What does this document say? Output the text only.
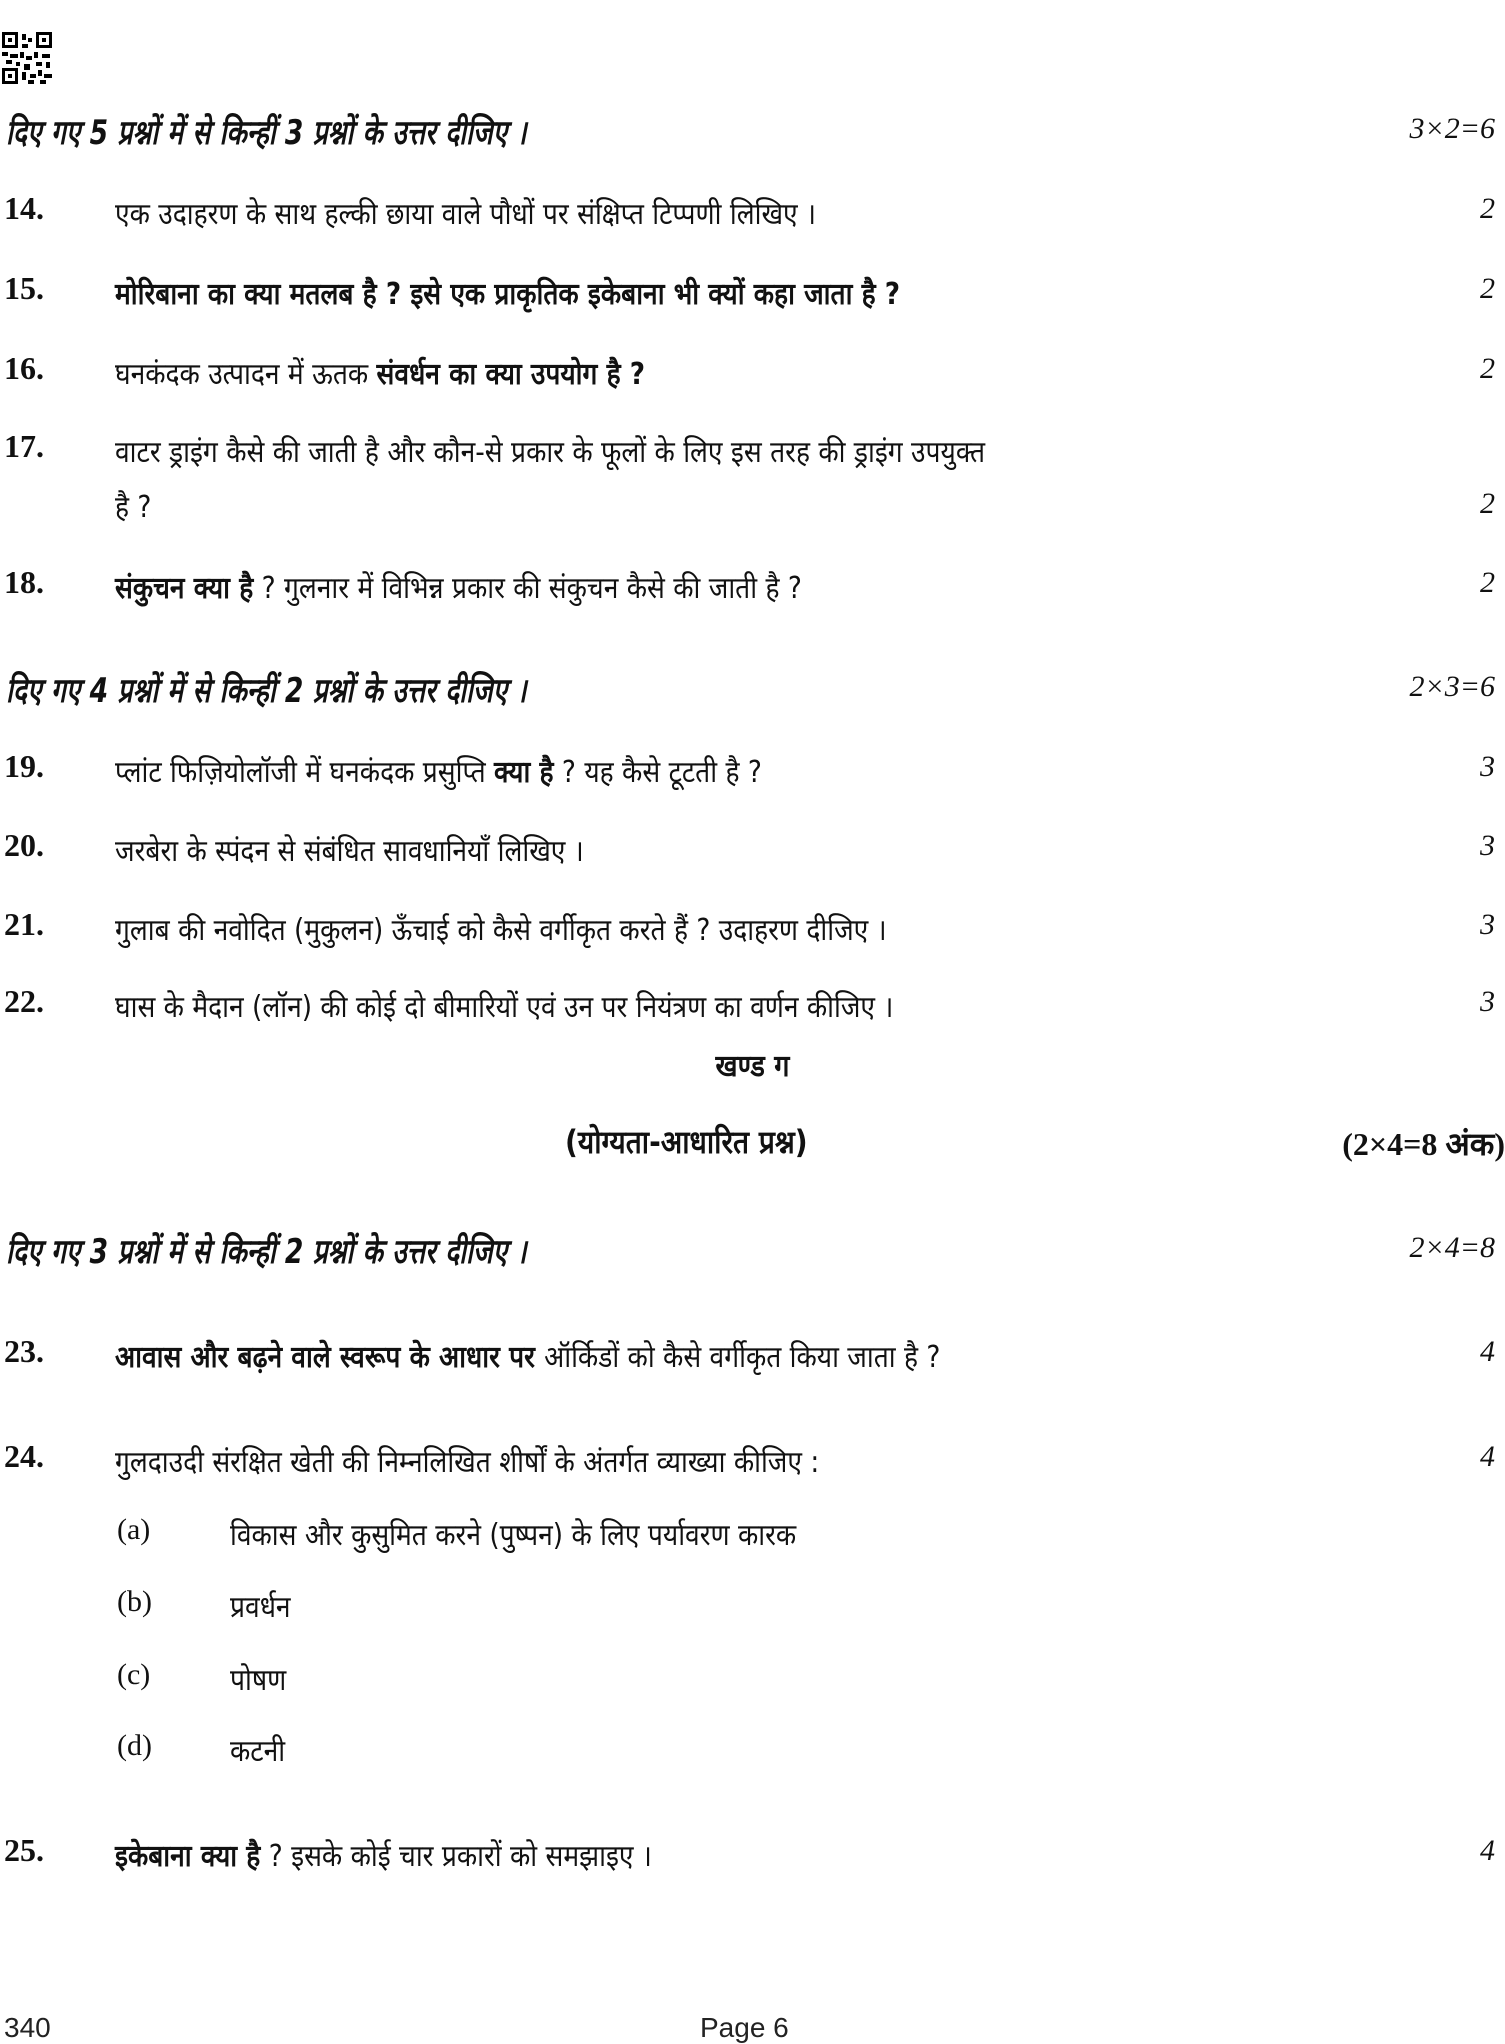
दिए गए 5 प्रश्नों में से किन्हीं 3 प्रश्नों के उत्तर दीजिए ।	3×2=6
14. एक उदाहरण के साथ हल्की छाया वाले पौधों पर संक्षिप्त टिप्पणी लिखिए ।	2
15. मोरिबाना का क्या मतलब है ? इसे एक प्राकृतिक इकेबाना भी क्यों कहा जाता है ?	2
16. घनकंदक उत्पादन में ऊतक संवर्धन का क्या उपयोग है ?	2
17. वाटर ड्राइंग कैसे की जाती है और कौन-से प्रकार के फूलों के लिए इस तरह की ड्राइंग उपयुक्त
है ?	2
18. संकुचन क्या है ? गुलनार में विभिन्न प्रकार की संकुचन कैसे की जाती है ?	2
दिए गए 4 प्रश्नों में से किन्हीं 2 प्रश्नों के उत्तर दीजिए ।	2×3=6
19. प्लांट फिज़ियोलॉजी में घनकंदक प्रसुप्ति क्या है ? यह कैसे टूटती है ?	3
20. जरबेरा के स्पंदन से संबंधित सावधानियाँ लिखिए ।	3
21. गुलाब की नवोदित (मुकुलन) ऊँचाई को कैसे वर्गीकृत करते हैं ? उदाहरण दीजिए ।	3
22. घास के मैदान (लॉन) की कोई दो बीमारियों एवं उन पर नियंत्रण का वर्णन कीजिए ।	3
खण्ड ग
(योग्यता-आधारित प्रश्न)	(2×4=8 अंक)
दिए गए 3 प्रश्नों में से किन्हीं 2 प्रश्नों के उत्तर दीजिए ।	2×4=8
23. आवास और बढ़ने वाले स्वरूप के आधार पर ऑर्किडों को कैसे वर्गीकृत किया जाता है ?	4
24. गुलदाउदी संरक्षित खेती की निम्नलिखित शीर्षों के अंतर्गत व्याख्या कीजिए :	4
(a)	विकास और कुसुमित करने (पुष्पन) के लिए पर्यावरण कारक
(b)	प्रवर्धन
(c)	पोषण
(d)	कटनी
25. इकेबाना क्या है ? इसके कोई चार प्रकारों को समझाइए ।	4
340	Page 6
